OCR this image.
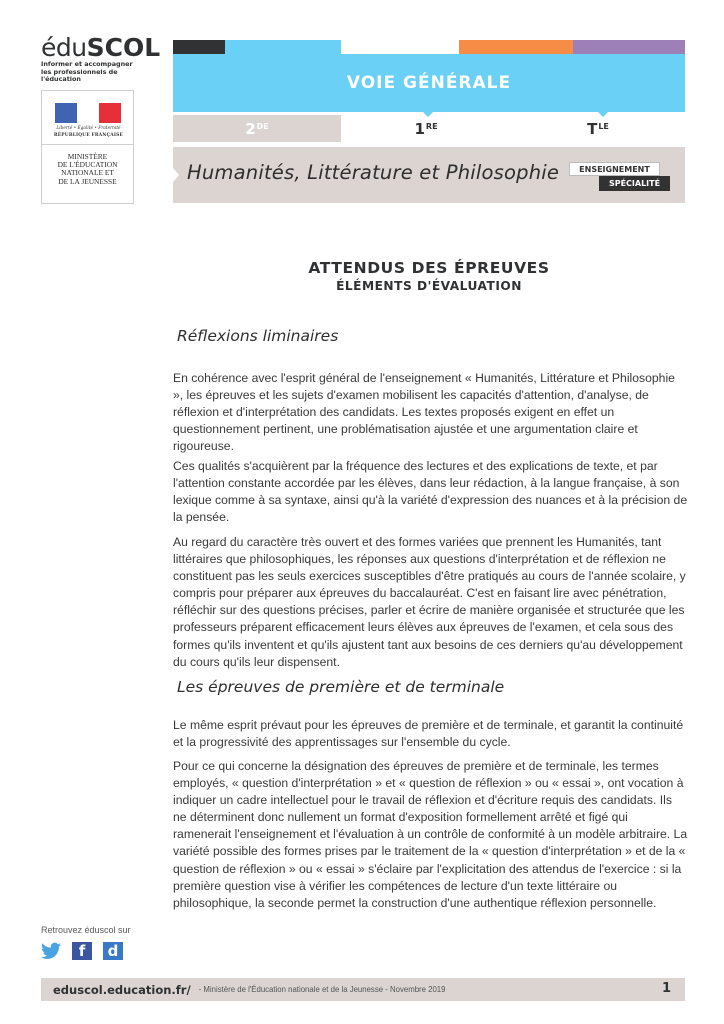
éduSCOL
Informer et accompagner
les professionnels de l'éducation
Liberté • Égalité • Fraternité
RÉPUBLIQUE FRANÇAISE
MINISTÈRE
DE L'ÉDUCATION
NATIONALE ET
DE LA JEUNESSE
VOIE GÉNÉRALE
2DE	1RE	$T^{LE}$
Humanités, Littérature et Philosophie	ENSEIGNEMENT
SPÉCIALITÉ
ATTENDUS DES ÉPREUVES
ÉLÉMENTS D'ÉVALUATION
Réflexions liminaires
En cohérence avec l'esprit général de l'enseignement « Humanités, Littérature et Philosophie », les épreuves et les sujets d'examen mobilisent les capacités d'attention, d'analyse, de réflexion et d'interprétation des candidats. Les textes proposés exigent en effet un questionnement pertinent, une problématisation ajustée et une argumentation claire et rigoureuse.
Ces qualités s'acquièrent par la fréquence des lectures et des explications de texte, et par l'attention constante accordée par les élèves, dans leur rédaction, à la langue française, à son lexique comme à sa syntaxe, ainsi qu'à la variété d'expression des nuances et à la précision de la pensée.
Au regard du caractère très ouvert et des formes variées que prennent les Humanités, tant littéraires que philosophiques, les réponses aux questions d'interprétation et de réflexion ne constituent pas les seuls exercices susceptibles d'être pratiqués au cours de l'année scolaire, y compris pour préparer aux épreuves du baccalauréat. C'est en faisant lire avec pénétration, réfléchir sur des questions précises, parler et écrire de manière organisée et structurée que les professeurs préparent efficacement leurs élèves aux épreuves de l'examen, et cela sous des formes qu'ils inventent et qu'ils ajustent tant aux besoins de ces derniers qu'au développement du cours qu'ils leur dispensent.
Les épreuves de première et de terminale
Le même esprit prévaut pour les épreuves de première et de terminale, et garantit la continuité et la progressivité des apprentissages sur l'ensemble du cycle.
Pour ce qui concerne la désignation des épreuves de première et de terminale, les termes employés, « question d'interprétation » et « question de réflexion » ou « essai », ont vocation à indiquer un cadre intellectuel pour le travail de réflexion et d'écriture requis des candidats. Ils ne déterminent donc nullement un format d'exposition formellement arrêté et figé qui ramenerait l'enseignement et l'évaluation à un contrôle de conformité à un modèle arbitraire. La variété possible des formes prises par le traitement de la « question d'interprétation » et de la « question de réflexion » ou « essai » s'éclaire par l'explicitation des attendus de l'exercice : si la première question vise à vérifier les compétences de lecture d'un texte littéraire ou philosophique, la seconde permet la construction d'une authentique réflexion personnelle.
Retrouvez éduscol sur
f	d
eduscol.education.fr/ - Ministère de l'Éducation nationale et de la Jeunesse - Novembre 2019	1
